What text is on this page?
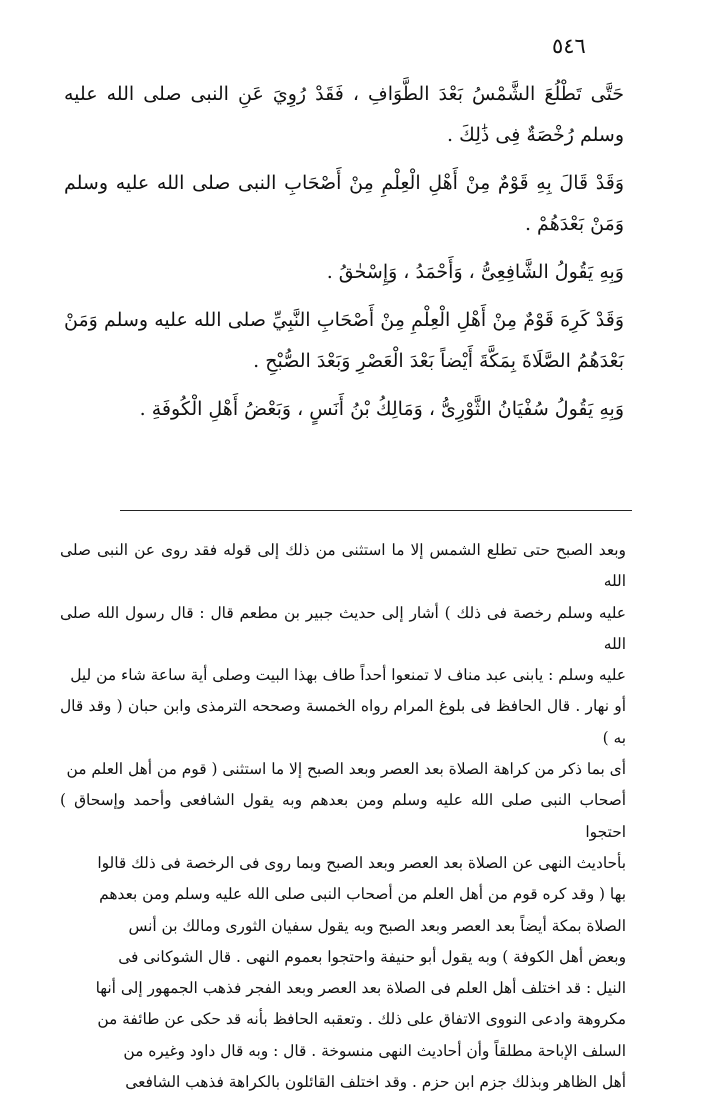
٥٤٦

حَتَّى تَطْلُعَ الشَّمْسُ بَعْدَ الطَّوَافِ ، فَقَدْ رُوِيَ عَنِ النبى صلى الله عليه وسلم رُخْصَةٌ فِى ذَٰلِكَ .

وَقَدْ قَالَ بِهِ قَوْمٌ مِنْ أَهْلِ الْعِلْمِ مِنْ أَصْحَابِ النبى صلى الله عليه وسلم وَمَنْ بَعْدَهُمْ .

وَبِهِ يَقُولُ الشَّافِعِىُّ ، وَأَحْمَدُ ، وَإِسْحٰقُ .

وَقَدْ كَرِهَ قَوْمٌ مِنْ أَهْلِ الْعِلْمِ مِنْ أَصْحَابِ النَّبِيِّ صلى الله عليه وسلم وَمَنْ بَعْدَهُمُ الصَّلَاةَ بِمَكَّةَ أَيْضاً بَعْدَ الْعَصْرِ وَبَعْدَ الصُّبْحِ .

وَبِهِ يَقُولُ سُفْيَانُ الثَّوْرِىُّ ، وَمَالِكُ بْنُ أَنَسٍ ، وَبَعْضُ أَهْلِ الْكُوفَةِ .

وبعد الصبح حتى تطلع الشمس إلا ما استثنى من ذلك إلى قوله فقد روى عن النبى صلى الله

عليه وسلم رخصة فى ذلك ) أشار إلى حديث جبير بن مطعم قال : قال رسول الله صلى الله

عليه وسلم : يابنى عبد مناف لا تمنعوا أحداً طاف بهذا البيت وصلى أية ساعة شاء من ليل

أو نهار . قال الحافظ فى بلوغ المرام رواه الخمسة وصححه الترمذى وابن حبان ( وقد قال به )

أى بما ذكر من كراهة الصلاة بعد العصر وبعد الصبح إلا ما استثنى ( قوم من أهل العلم من

أصحاب النبى صلى الله عليه وسلم ومن بعدهم وبه يقول الشافعى وأحمد وإسحاق ) احتجوا

بأحاديث النهى عن الصلاة بعد العصر وبعد الصبح وبما روى فى الرخصة فى ذلك قالوا

بها ( وقد كره قوم من أهل العلم من أصحاب النبى صلى الله عليه وسلم ومن بعدهم

الصلاة بمكة أيضاً بعد العصر وبعد الصبح وبه يقول سفيان الثورى ومالك بن أنس

وبعض أهل الكوفة ) وبه يقول أبو حنيفة واحتجوا بعموم النهى . قال الشوكانى فى

النيل : قد اختلف أهل العلم فى الصلاة بعد العصر وبعد الفجر فذهب الجمهور إلى أنها

مكروهة وادعى النووى الاتفاق على ذلك . وتعقبه الحافظ بأنه قد حكى عن طائفة من

السلف الإباحة مطلقاً وأن أحاديث النهى منسوخة . قال : وبه قال داود وغيره من

أهل الظاهر وبذلك جزم ابن حزم . وقد اختلف القائلون بالكراهة فذهب الشافعى
